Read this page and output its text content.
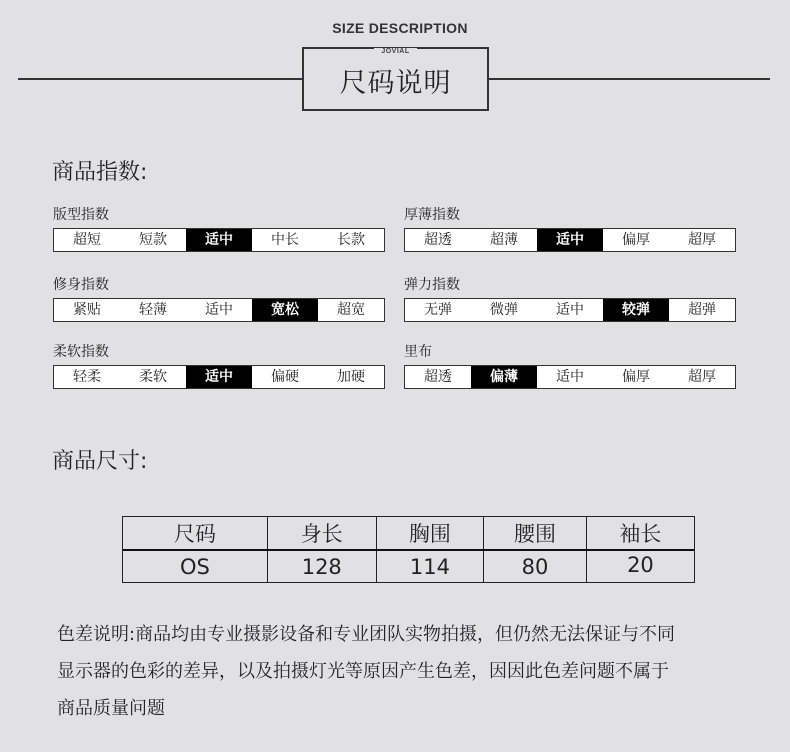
SIZE DESCRIPTION
JOVIAL
尺码说明
商品指数:
版型指数
超短	短款	适中	中长	长款
厚薄指数
超透	超薄	适中	偏厚	超厚
修身指数
紧贴	轻薄	适中	宽松	超宽
弹力指数
无弹	微弹	适中	较弹	超弹
柔软指数
轻柔	柔软	适中	偏硬	加硬
里布
超透	偏薄	适中	偏厚	超厚
商品尺寸:
尺码	身长	胸围	腰围	袖长
OS	128	114	80	20
色差说明:商品均由专业摄影设备和专业团队实物拍摄，但仍然无法保证与不同
显示器的色彩的差异，以及拍摄灯光等原因产生色差，因因此色差问题不属于
商品质量问题
